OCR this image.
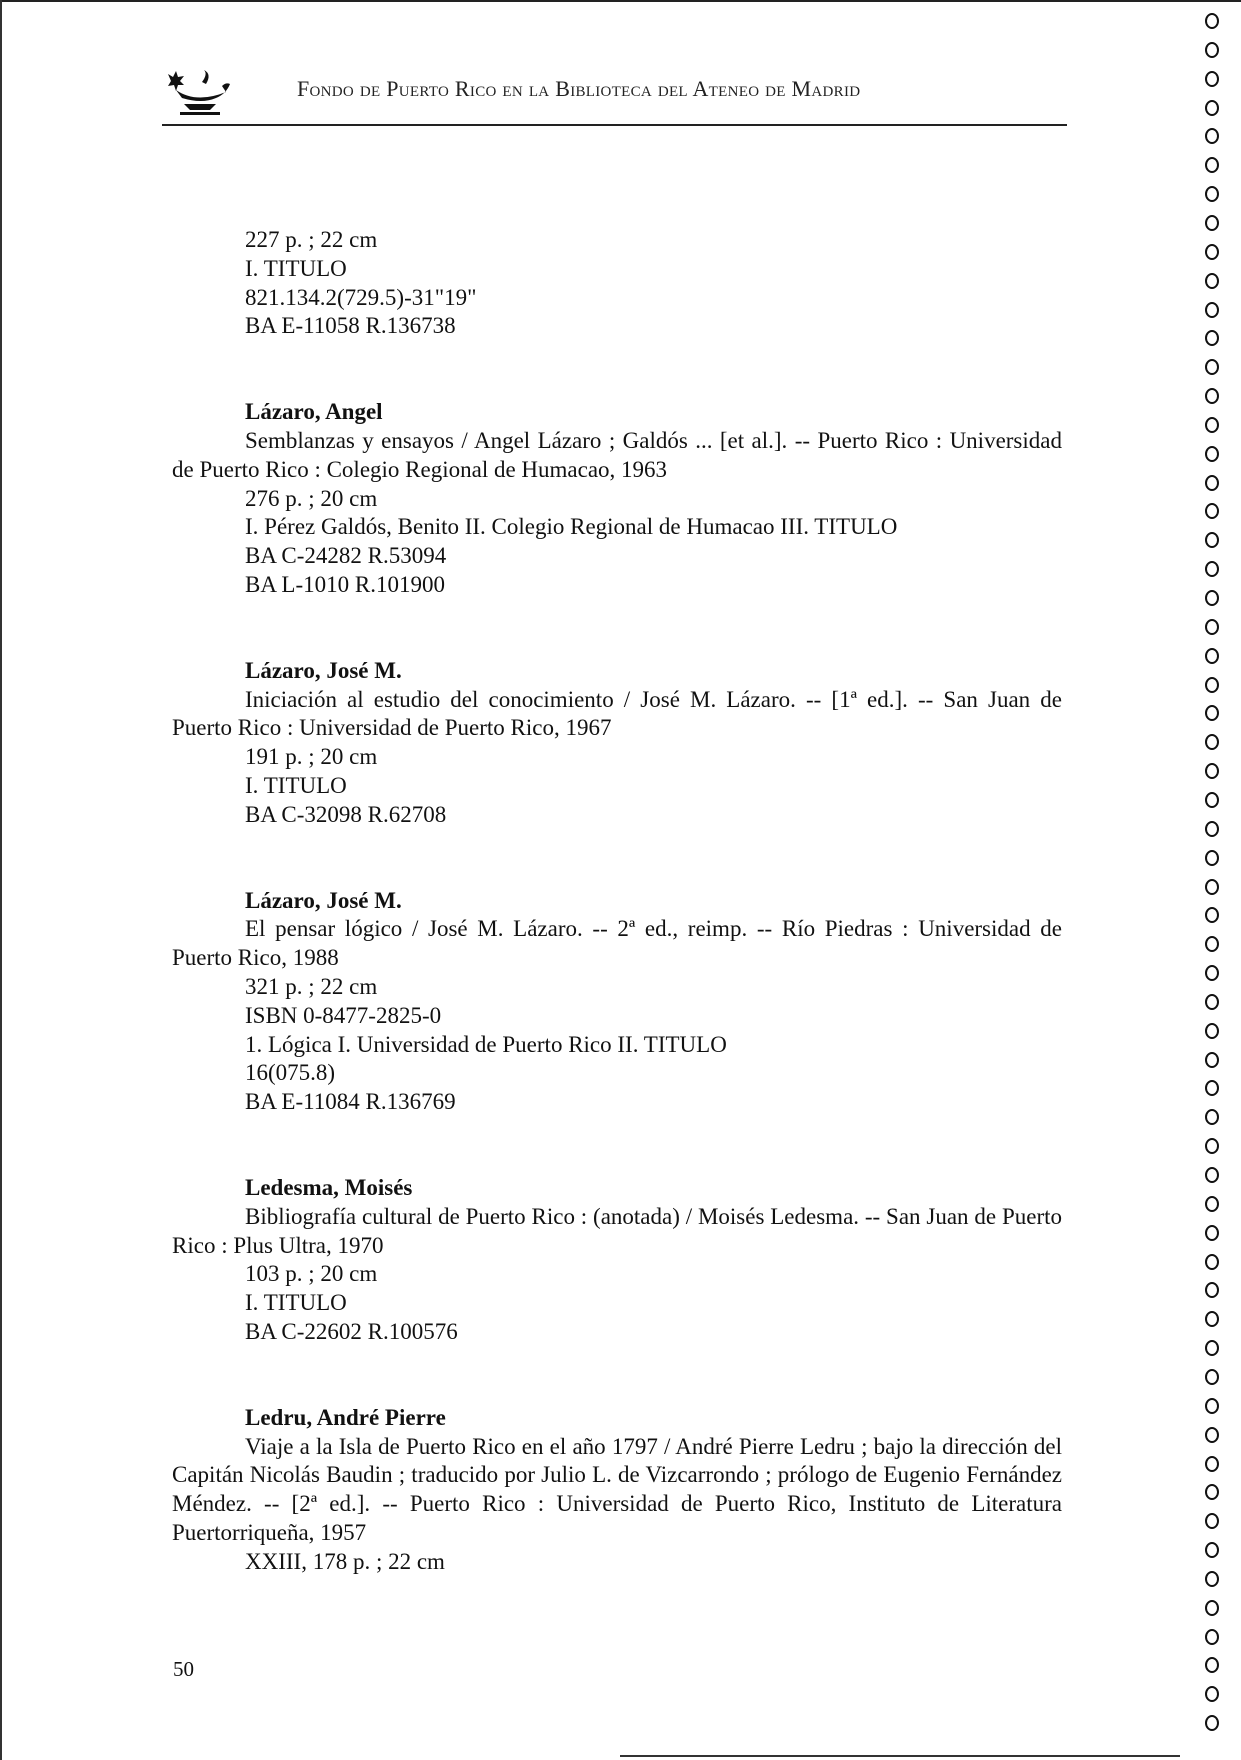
Fondo de Puerto Rico en la Biblioteca del Ateneo de Madrid

227 p. ; 22 cm

I. TITULO

821.134.2(729.5)-31"19"

BA E-11058 R.136738

Lázaro, Angel

Semblanzas y ensayos / Angel Lázaro ; Galdós ... [et al.]. -- Puerto Rico : Universidad de Puerto Rico : Colegio Regional de Humacao, 1963

276 p. ; 20 cm

I. Pérez Galdós, Benito II. Colegio Regional de Humacao III. TITULO

BA C-24282 R.53094

BA L-1010 R.101900

Lázaro, José M.

Iniciación al estudio del conocimiento / José M. Lázaro. -- [1ª ed.]. -- San Juan de Puerto Rico : Universidad de Puerto Rico, 1967

191 p. ; 20 cm

I. TITULO

BA C-32098 R.62708

Lázaro, José M.

El pensar lógico / José M. Lázaro. -- 2ª ed., reimp. -- Río Piedras : Universidad de Puerto Rico, 1988

321 p. ; 22 cm

ISBN 0-8477-2825-0

1. Lógica I. Universidad de Puerto Rico II. TITULO

16(075.8)

BA E-11084 R.136769

Ledesma, Moisés

Bibliografía cultural de Puerto Rico : (anotada) / Moisés Ledesma. -- San Juan de Puerto Rico : Plus Ultra, 1970

103 p. ; 20 cm

I. TITULO

BA C-22602 R.100576

Ledru, André Pierre

Viaje a la Isla de Puerto Rico en el año 1797 / André Pierre Ledru ; bajo la dirección del Capitán Nicolás Baudin ; traducido por Julio L. de Vizcarrondo ; prólogo de Eugenio Fernández Méndez. -- [2ª ed.]. -- Puerto Rico : Universidad de Puerto Rico, Instituto de Literatura Puertorriqueña, 1957

XXIII, 178 p. ; 22 cm

50
